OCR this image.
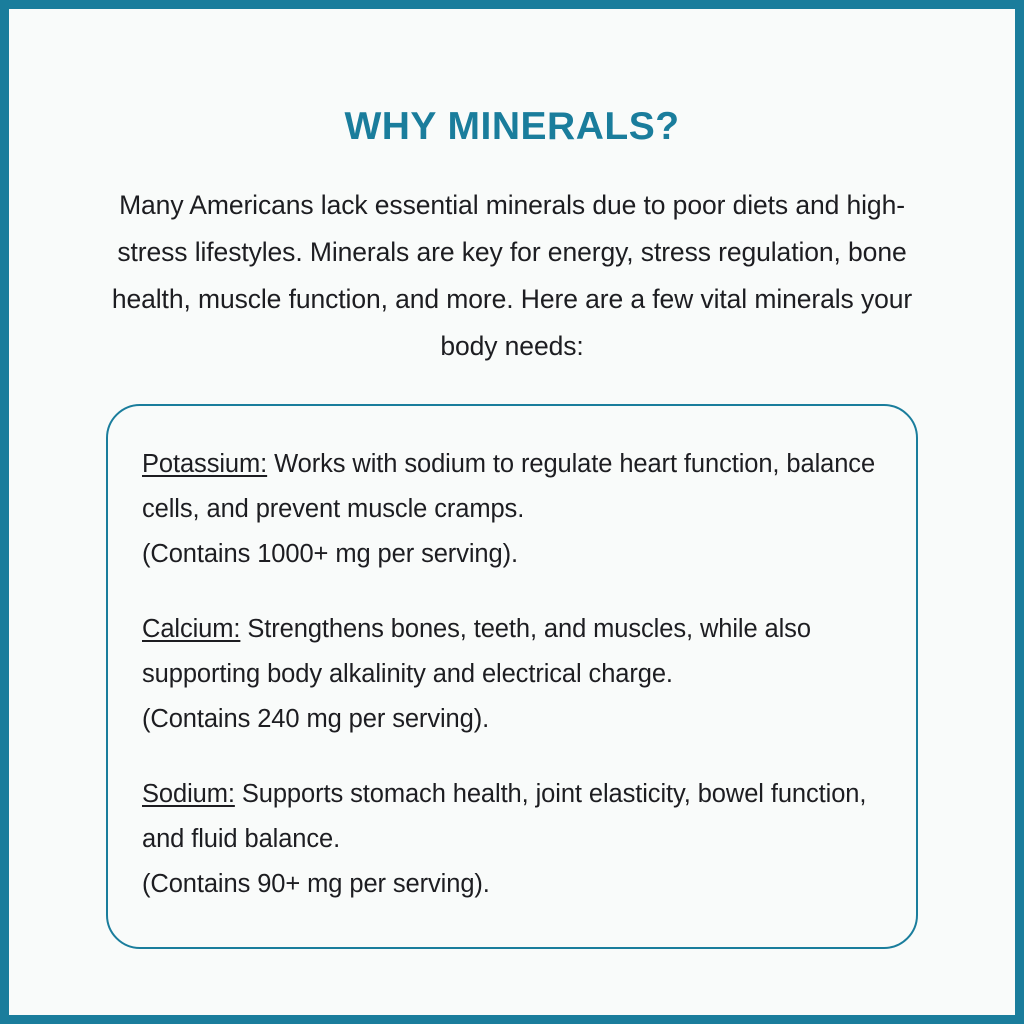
WHY MINERALS?
Many Americans lack essential minerals due to poor diets and high-stress lifestyles. Minerals are key for energy, stress regulation, bone health, muscle function, and more. Here are a few vital minerals your body needs:
Potassium: Works with sodium to regulate heart function, balance cells, and prevent muscle cramps.
(Contains 1000+ mg per serving).
Calcium: Strengthens bones, teeth, and muscles, while also supporting body alkalinity and electrical charge.
(Contains 240 mg per serving).
Sodium: Supports stomach health, joint elasticity, bowel function, and fluid balance.
(Contains 90+ mg per serving).
